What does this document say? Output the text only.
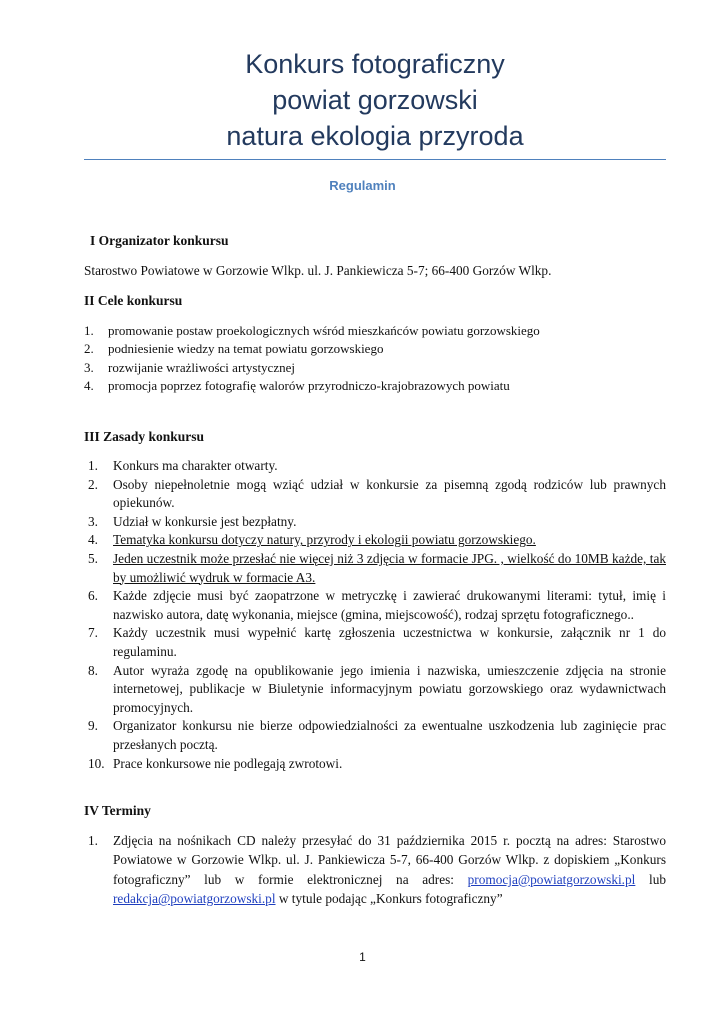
Konkurs fotograficzny
powiat gorzowski
natura ekologia przyroda
Regulamin
I Organizator konkursu
Starostwo Powiatowe w Gorzowie Wlkp. ul. J. Pankiewicza 5-7; 66-400 Gorzów Wlkp.
II Cele konkursu
1. promowanie postaw proekologicznych wśród mieszkańców powiatu gorzowskiego
2. podniesienie wiedzy na temat powiatu gorzowskiego
3. rozwijanie wrażliwości artystycznej
4. promocja poprzez fotografię walorów przyrodniczo-krajobrazowych powiatu
III Zasady konkursu
1.	Konkurs ma charakter otwarty.
2.	Osoby niepełnoletnie mogą wziąć udział w konkursie za pisemną zgodą rodziców lub prawnych opiekunów.
3.	Udział w konkursie jest bezpłatny.
4.	Tematyka konkursu dotyczy natury, przyrody i ekologii powiatu gorzowskiego.
5.	Jeden uczestnik może przesłać nie więcej niż 3 zdjęcia w formacie JPG. , wielkość do 10MB każde, tak by umożliwić wydruk w formacie A3.
6.	Każde zdjęcie musi być zaopatrzone w metryczkę i zawierać drukowanymi literami: tytuł, imię i nazwisko autora, datę wykonania, miejsce (gmina, miejscowość), rodzaj sprzętu fotograficznego..
7.	Każdy uczestnik musi wypełnić kartę zgłoszenia uczestnictwa w konkursie, załącznik nr 1 do regulaminu.
8.	Autor wyraża zgodę na opublikowanie jego imienia i nazwiska, umieszczenie zdjęcia na stronie internetowej, publikacje w Biuletynie informacyjnym powiatu gorzowskiego oraz wydawnictwach promocyjnych.
9.	Organizator konkursu nie bierze odpowiedzialności za ewentualne uszkodzenia lub zaginięcie prac przesłanych pocztą.
10. Prace konkursowe nie podlegają zwrotowi.
IV Terminy
1.	Zdjęcia na nośnikach CD należy przesyłać do 31 października 2015 r. pocztą na adres: Starostwo Powiatowe w Gorzowie Wlkp. ul. J. Pankiewicza 5-7, 66-400 Gorzów Wlkp. z dopiskiem „Konkurs fotograficzny” lub w formie elektronicznej na adres: promocja@powiatgorzowski.pl lub redakcja@powiatgorzowski.pl w tytule podając „Konkurs fotograficzny”
1
